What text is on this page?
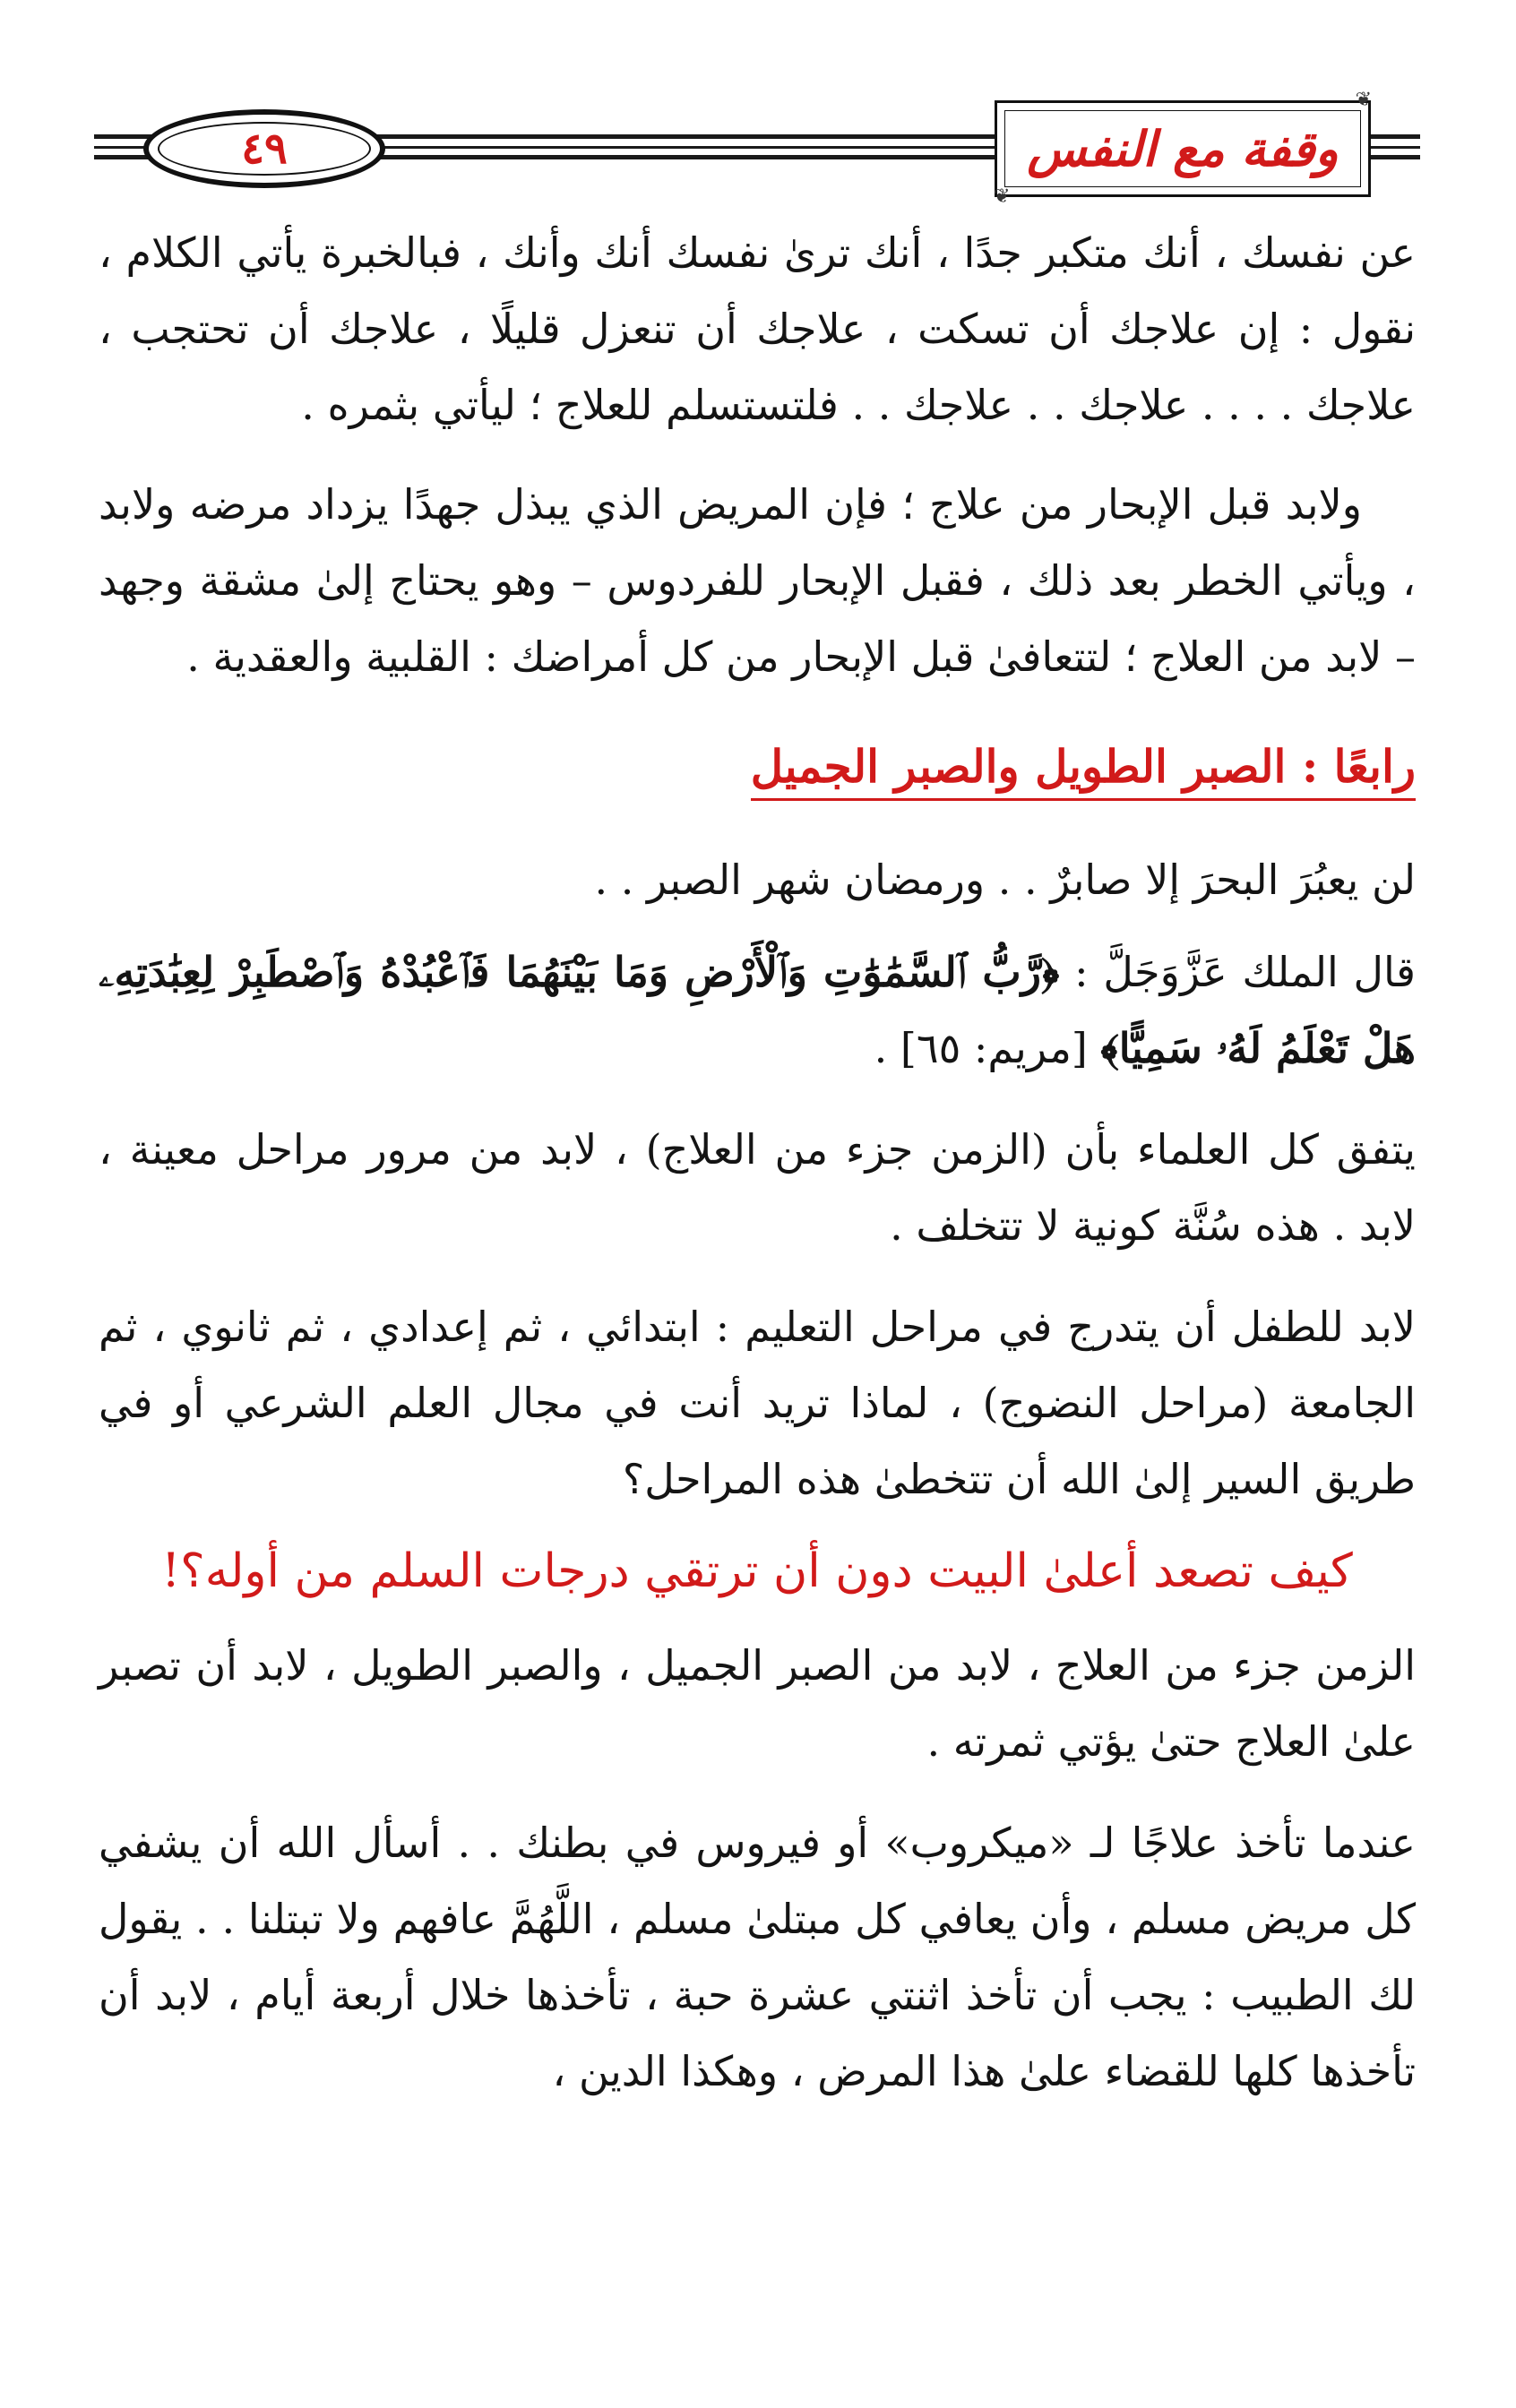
٤٩
❦
❦
وقفة مع النفس

عن نفسك ، أنك متكبر جدًا ، أنك ترىٰ نفسك أنك وأنك ، فبالخبرة يأتي الكلام ، نقول : إن علاجك أن تسكت ، علاجك أن تنعزل قليلًا ، علاجك أن تحتجب ، علاجك . . . . علاجك . . علاجك . . فلتستسلم للعلاج ؛ ليأتي بثمره .

ولابد قبل الإبحار من علاج ؛ فإن المريض الذي يبذل جهدًا يزداد مرضه ولابد ، ويأتي الخطر بعد ذلك ، فقبل الإبحار للفردوس – وهو يحتاج إلىٰ مشقة وجهد – لابد من العلاج ؛ لتتعافىٰ قبل الإبحار من كل أمراضك : القلبية والعقدية .

رابعًا : الصبر الطويل والصبر الجميل

لن يعبُرَ البحرَ إلا صابرٌ . . ورمضان شهر الصبر . .

قال الملك عَزَّوَجَلَّ : ﴿رَّبُّ ٱلسَّمَٰوَٰتِ وَٱلْأَرْضِ وَمَا بَيْنَهُمَا فَٱعْبُدْهُ وَٱصْطَبِرْ لِعِبَٰدَتِهِۦ هَلْ تَعْلَمُ لَهُۥ سَمِيًّا﴾ [مريم: ٦٥] .

يتفق كل العلماء بأن (الزمن جزء من العلاج) ، لابد من مرور مراحل معينة ، لابد . هذه سُنَّة كونية لا تتخلف .

لابد للطفل أن يتدرج في مراحل التعليم : ابتدائي ، ثم إعدادي ، ثم ثانوي ، ثم الجامعة (مراحل النضوج) ، لماذا تريد أنت في مجال العلم الشرعي أو في طريق السير إلىٰ الله أن تتخطىٰ هذه المراحل؟

كيف تصعد أعلىٰ البيت دون أن ترتقي درجات السلم من أوله؟!

الزمن جزء من العلاج ، لابد من الصبر الجميل ، والصبر الطويل ، لابد أن تصبر علىٰ العلاج حتىٰ يؤتي ثمرته .

عندما تأخذ علاجًا لـ «ميكروب» أو فيروس في بطنك . . أسأل الله أن يشفي كل مريض مسلم ، وأن يعافي كل مبتلىٰ مسلم ، اللَّهُمَّ عافهم ولا تبتلنا . . يقول لك الطبيب : يجب أن تأخذ اثنتي عشرة حبة ، تأخذها خلال أربعة أيام ، لابد أن تأخذها كلها للقضاء علىٰ هذا المرض ، وهكذا الدين ،
